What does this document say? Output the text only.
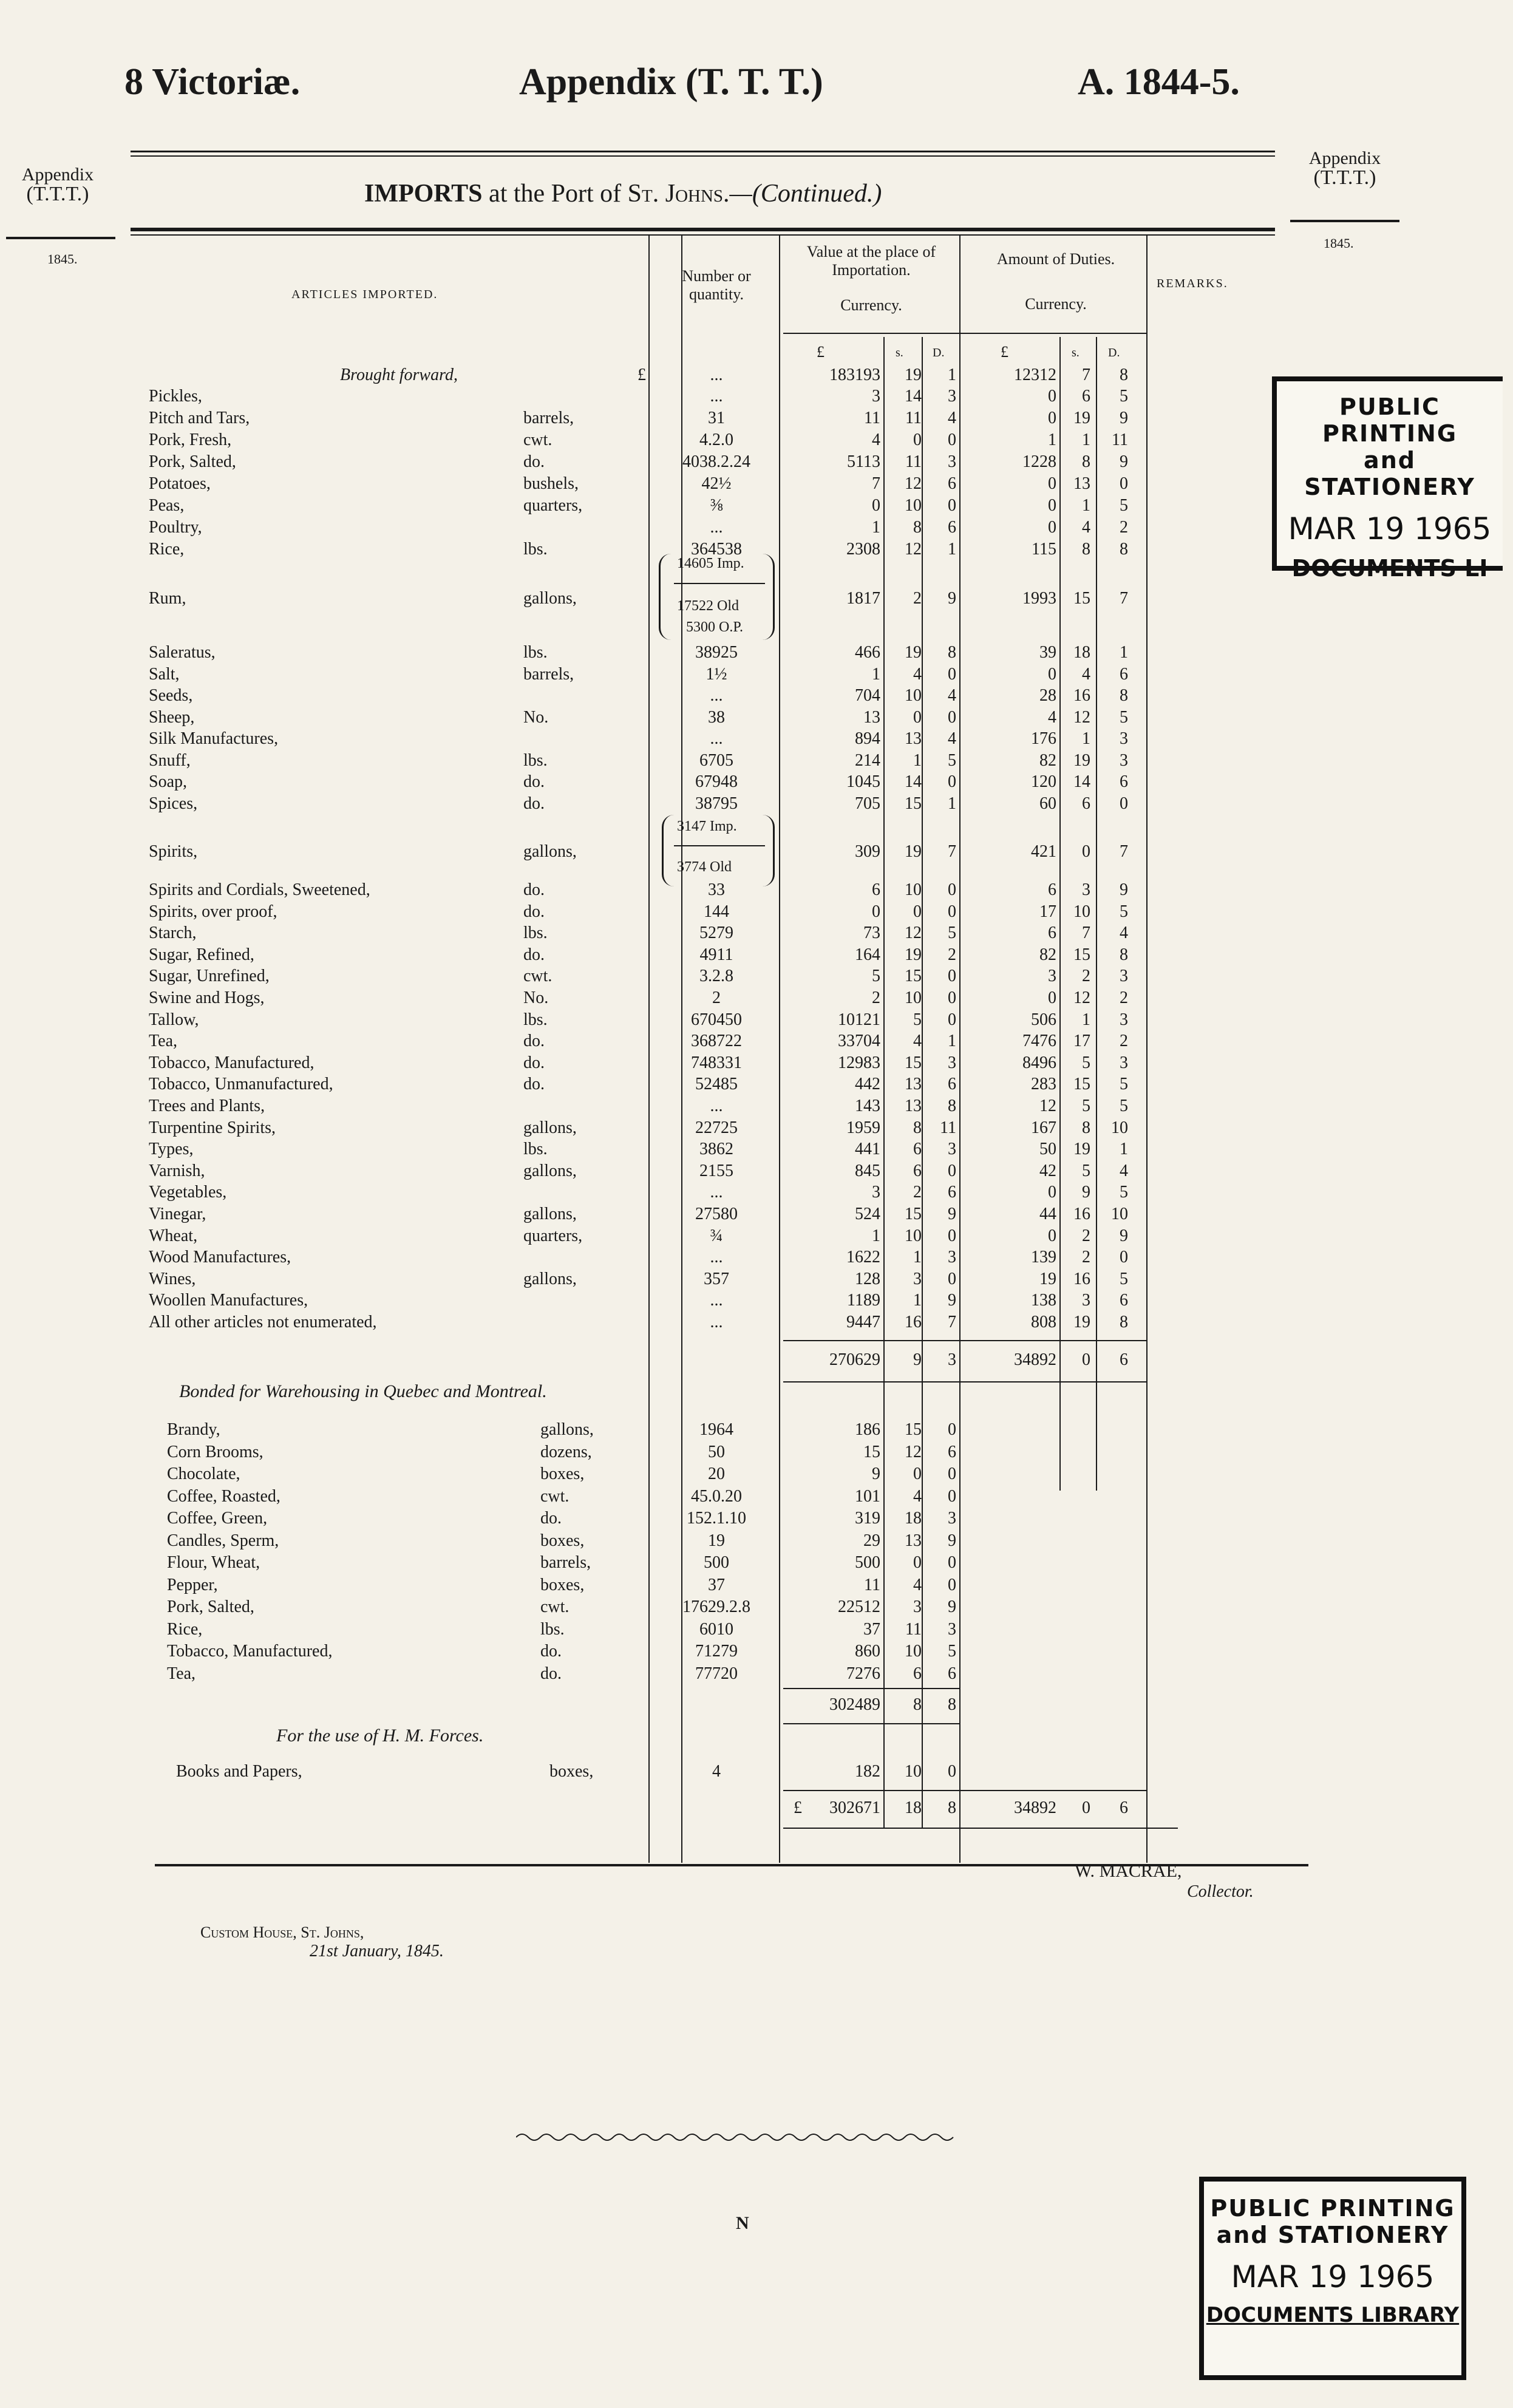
8 Victoriæ.	Appendix (T. T. T.)	A. 1844-5.
Appendix
(T.T.T.)
1845.
Appendix
(T.T.T.)
1845.
IMPORTS at the Port of St. Johns.—(Continued.)
ARTICLES IMPORTED.
Number or quantity.
Value at the place of Importation.
Currency.
Amount of Duties.
Currency.
REMARKS.
£	s. D.	£	s. D.
Brought forward,	£	...	183193	19	1	12312	7	8
Pickles,	...	3	14	3	0	6	5
Pitch and Tars,	barrels,	31	11	11	4	0	19	9
Pork, Fresh,	cwt.	4.2.0	4	0	0	1	1	11
Pork, Salted,	do.	4038.2.24	5113	11	3	1228	8	9
Potatoes,	bushels,	42½	7	12	6	0	13	0
Peas,	quarters,	⅜	0	10	0	0	1	5
Poultry,	...	1	8	6	0	4	2
Rice,	lbs.	364538	2308	12	1	115	8	8
Rum,	gallons,	1817	2	9	1993	15	7
14605 Imp.
17522 Old
5300 O.P.
Saleratus,	lbs.	38925	466	19	8	39	18	1
Salt,	barrels,	1½	1	4	0	0	4	6
Seeds,	...	704	10	4	28	16	8
Sheep,	No.	38	13	0	0	4	12	5
Silk Manufactures,	...	894	13	4	176	1	3
Snuff,	lbs.	6705	214	1	5	82	19	3
Soap,	do.	67948	1045	14	0	120	14	6
Spices,	do.	38795	705	15	1	60	6	0
Spirits,	gallons,	309	19	7	421	0	7
3147 Imp.
3774 Old
Spirits and Cordials, Sweetened,	do.	33	6	10	0	6	3	9
Spirits, over proof,	do.	144	0	0	0	17	10	5
Starch,	lbs.	5279	73	12	5	6	7	4
Sugar, Refined,	do.	4911	164	19	2	82	15	8
Sugar, Unrefined,	cwt.	3.2.8	5	15	0	3	2	3
Swine and Hogs,	No.	2	2	10	0	0	12	2
Tallow,	lbs.	670450	10121	5	0	506	1	3
Tea,	do.	368722	33704	4	1	7476	17	2
Tobacco, Manufactured,	do.	748331	12983	15	3	8496	5	3
Tobacco, Unmanufactured,	do.	52485	442	13	6	283	15	5
Trees and Plants,	...	143	13	8	12	5	5
Turpentine Spirits,	gallons,	22725	1959	8	11	167	8	10
Types,	lbs.	3862	441	6	3	50	19	1
Varnish,	gallons,	2155	845	6	0	42	5	4
Vegetables,	...	3	2	6	0	9	5
Vinegar,	gallons,	27580	524	15	9	44	16	10
Wheat,	quarters,	¾	1	10	0	0	2	9
Wood Manufactures,	...	1622	1	3	139	2	0
Wines,	gallons,	357	128	3	0	19	16	5
Woollen Manufactures,	...	1189	1	9	138	3	6
All other articles not enumerated,	...	9447	16	7	808	19	8
270629	9	3	34892	0	6
Bonded for Warehousing in Quebec and Montreal.
Brandy,	gallons,	1964	186	15	0
Corn Brooms,	dozens,	50	15	12	6
Chocolate,	boxes,	20	9	0	0
Coffee, Roasted,	cwt.	45.0.20	101	4	0
Coffee, Green,	do.	152.1.10	319	18	3
Candles, Sperm,	boxes,	19	29	13	9
Flour, Wheat,	barrels,	500	500	0	0
Pepper,	boxes,	37	11	4	0
Pork, Salted,	cwt.	17629.2.8	22512	3	9
Rice,	lbs.	6010	37	11	3
Tobacco, Manufactured,	do.	71279	860	10	5
Tea,	do.	77720	7276	6	6
302489	8	8
For the use of H. M. Forces.
Books and Papers,	boxes,	4	182	10	0
£	302671	18	8	34892	0	6
W. MACRAE,
Collector.
Custom House, St. Johns,
21st January, 1845.
N
PUBLIC PRINTING
and STATIONERY
MAR 19 1965
DOCUMENTS LI
PUBLIC PRINTING
and STATIONERY
MAR 19 1965
DOCUMENTS LIBRARY
